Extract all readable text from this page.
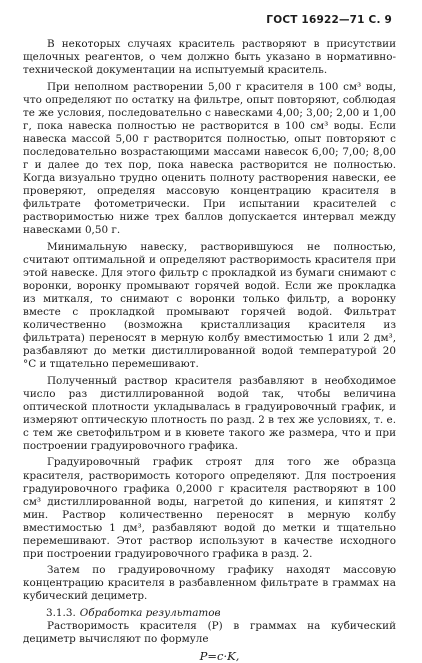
ГОСТ 16922—71 С. 9

В некоторых случаях краситель растворяют в присутствии щелочных реагентов, о чем должно быть указано в нормативно-технической документации на испытуемый краситель.

При неполном растворении 5,00 г красителя в 100 см³ воды, что определяют по остатку на фильтре, опыт повторяют, соблюдая те же условия, последовательно с навесками 4,00; 3,00; 2,00 и 1,00 г, пока навеска полностью не растворится в 100 см³ воды. Если навеска массой 5,00 г растворится полностью, опыт повторяют с последовательно возрастающими массами навесок 6,00; 7,00; 8,00 г и далее до тех пор, пока навеска растворится не полностью. Когда визуально трудно оценить полноту растворения навески, ее проверяют, определяя массовую концентрацию красителя в фильтрате фотометрически. При испытании красителей с растворимостью ниже трех баллов допускается интервал между навесками 0,50 г.

Минимальную навеску, растворившуюся не полностью, считают оптимальной и определяют растворимость красителя при этой навеске. Для этого фильтр с прокладкой из бумаги снимают с воронки, воронку промывают горячей водой. Если же прокладка из миткаля, то снимают с воронки только фильтр, а воронку вместе с прокладкой промывают горячей водой. Фильтрат количественно (возможна кристаллизация красителя из фильтрата) переносят в мерную колбу вместимостью 1 или 2 дм³, разбавляют до метки дистиллированной водой температурой 20 °С и тщательно перемешивают.

Полученный раствор красителя разбавляют в необходимое число раз дистиллированной водой так, чтобы величина оптической плотности укладывалась в градуировочный график, и измеряют оптическую плотность по разд. 2 в тех же условиях, т. е. с тем же светофильтром и в кювете такого же размера, что и при построении градуировочного графика.

Градуировочный график строят для того же образца красителя, растворимость которого определяют. Для построения градуировочного графика 0,2000 г красителя растворяют в 100 см³ дистиллированной воды, нагретой до кипения, и кипятят 2 мин. Раствор количественно переносят в мерную колбу вместимостью 1 дм³, разбавляют водой до метки и тщательно перемешивают. Этот раствор используют в качестве исходного при построении градуировочного графика в разд. 2.

Затем по градуировочному графику находят массовую концентрацию красителя в разбавленном фильтрате в граммах на кубический дециметр.

3.1.3. Обработка результатов

Растворимость красителя (P) в граммах на кубический дециметр вычисляют по формуле

P=c·K,
